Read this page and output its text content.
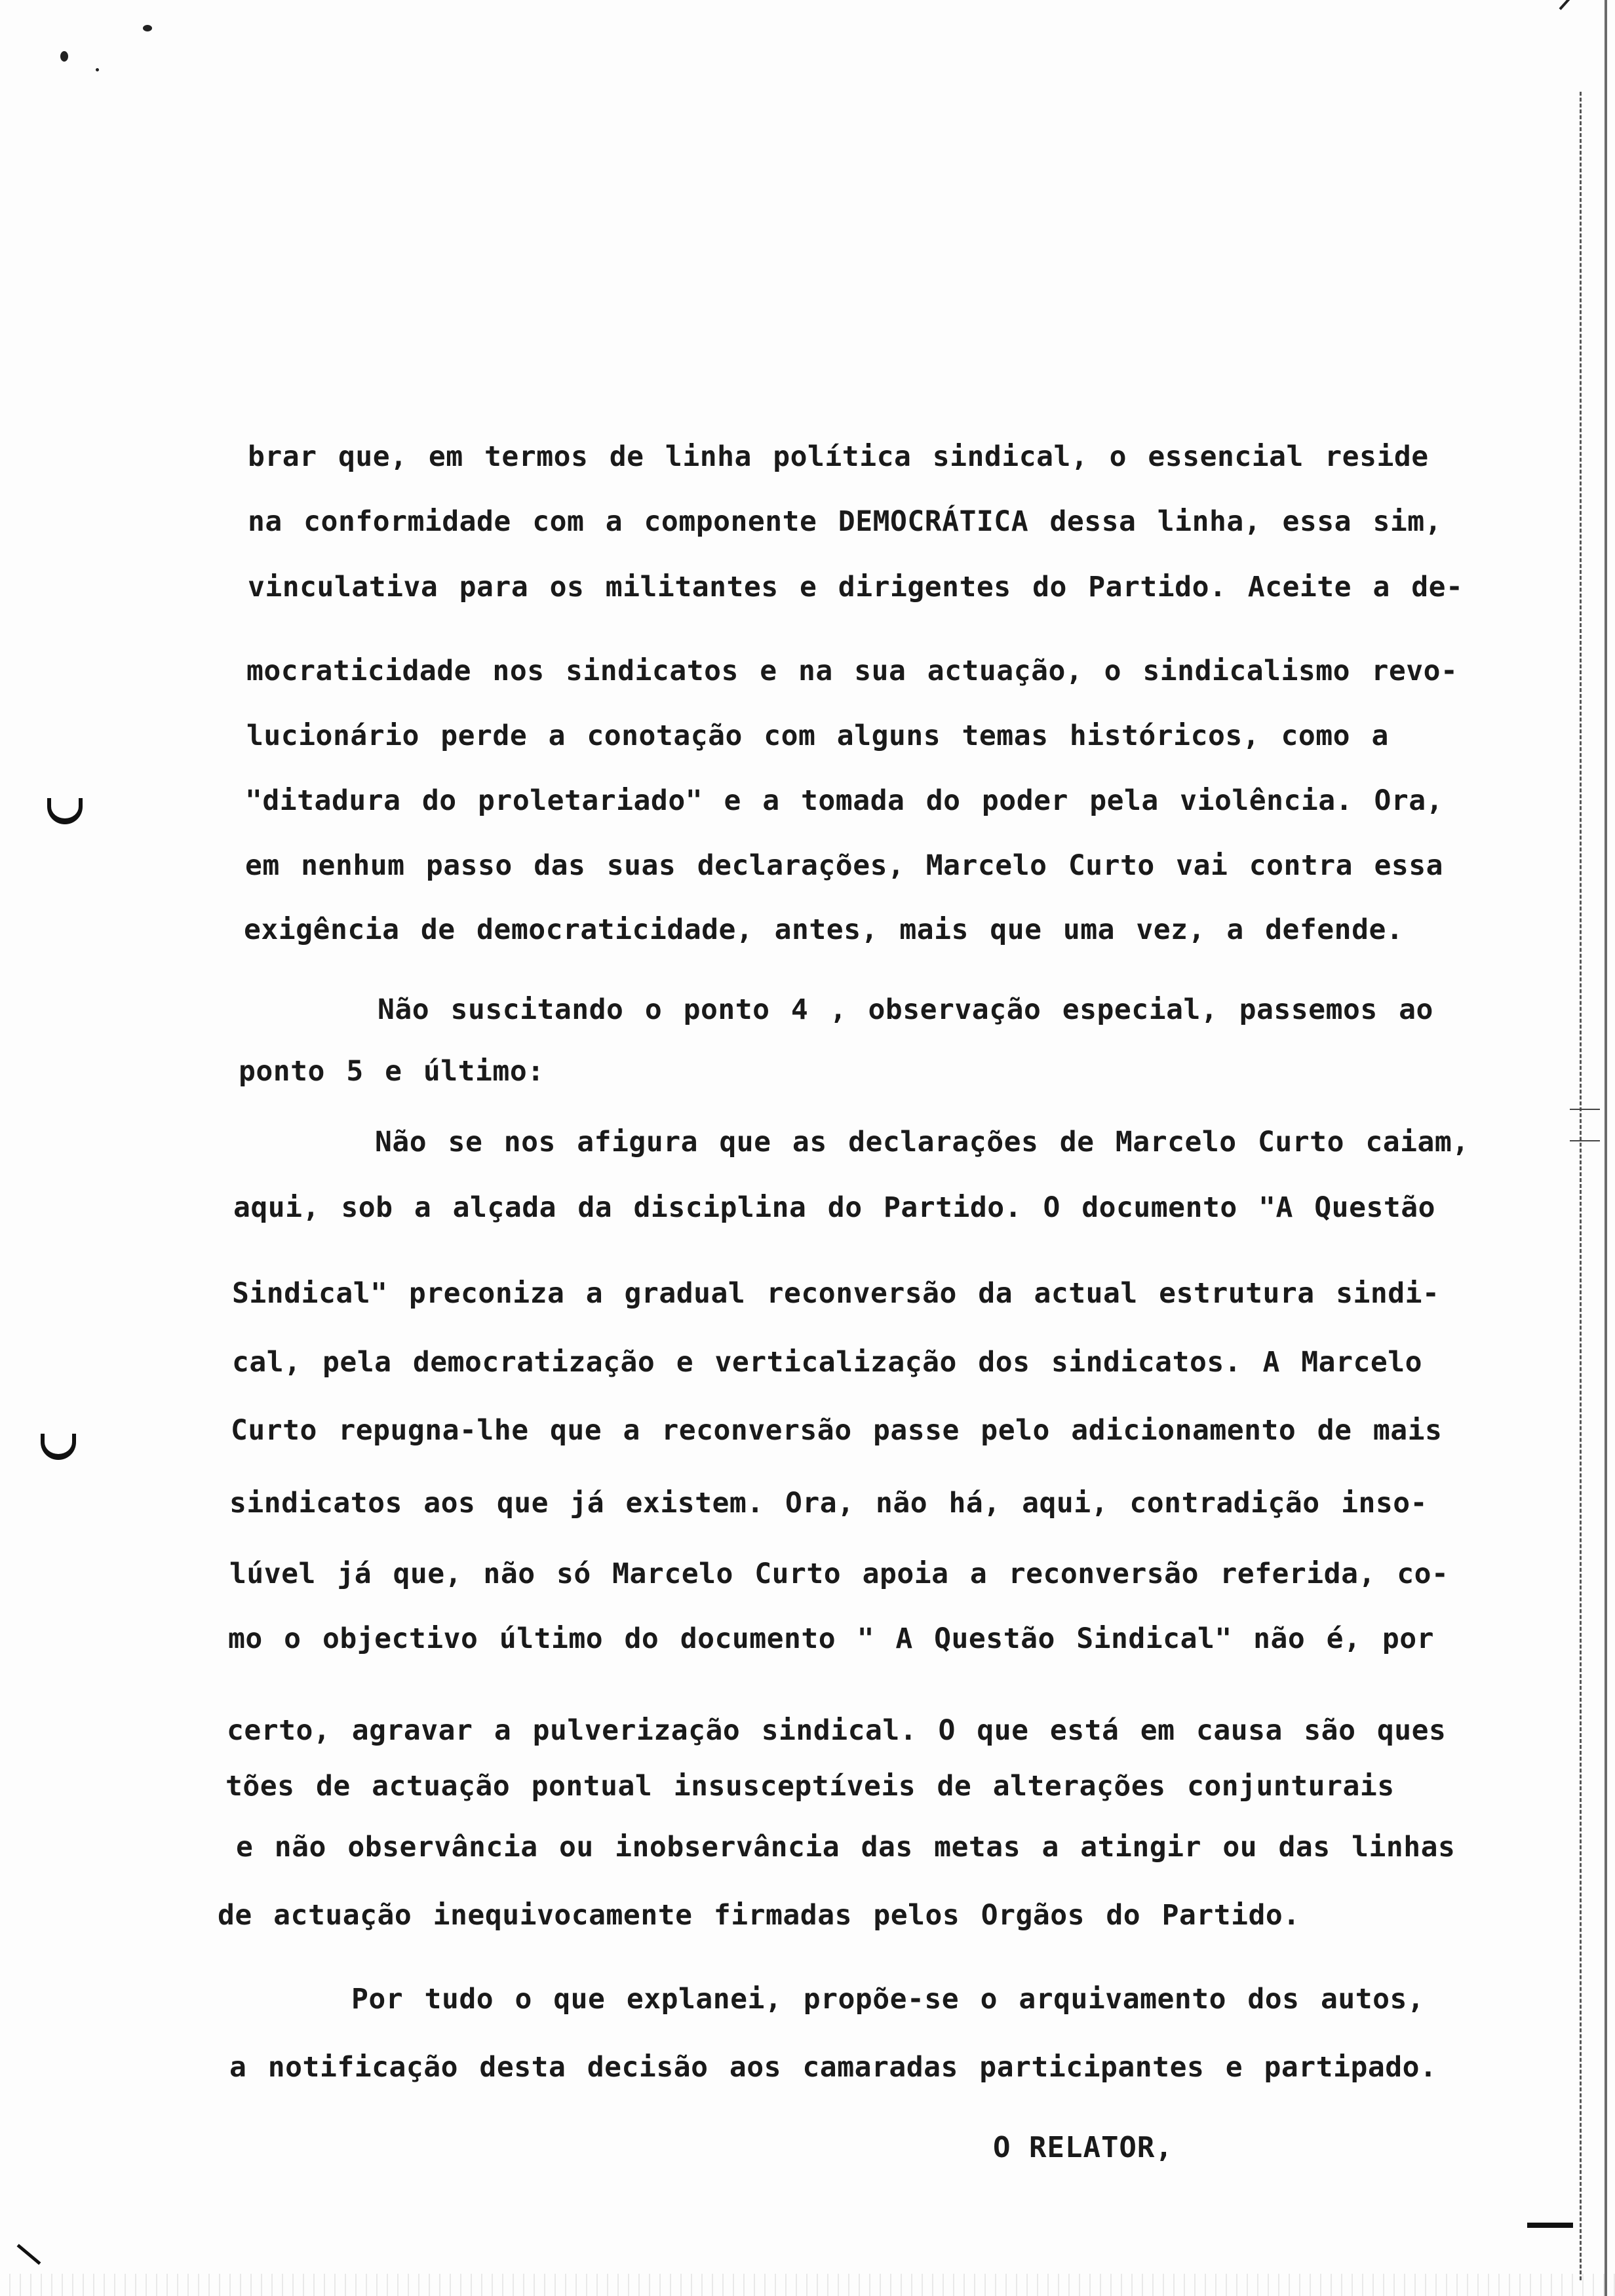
brar que, em termos de linha política sindical, o essencial reside
na conformidade com a componente DEMOCRÁTICA dessa linha, essa sim,
vinculativa para os militantes e dirigentes do Partido. Aceite a de-
mocraticidade nos sindicatos e na sua actuação, o sindicalismo revo-
lucionário perde a conotação com alguns temas históricos, como a
"ditadura do proletariado" e a tomada do poder pela violência. Ora,
em nenhum passo das suas declarações, Marcelo Curto vai contra essa
exigência de democraticidade, antes, mais que uma vez, a defende.
Não suscitando o ponto 4 , observação especial, passemos ao
ponto 5 e último:
Não se nos afigura que as declarações de Marcelo Curto caiam,
aqui, sob a alçada da disciplina do Partido. O documento "A Questão
Sindical" preconiza a gradual reconversão da actual estrutura sindi-
cal, pela democratização e verticalização dos sindicatos. A Marcelo
Curto repugna-lhe que a reconversão passe pelo adicionamento de mais
sindicatos aos que já existem. Ora, não há, aqui, contradição inso-
lúvel já que, não só Marcelo Curto apoia a reconversão referida, co-
mo o objectivo último do documento " A Questão Sindical" não é, por
certo, agravar a pulverização sindical. O que está em causa são ques
tões de actuação pontual insusceptíveis de alterações conjunturais
e não observância ou inobservância das metas a atingir ou das linhas
de actuação inequivocamente firmadas pelos Orgãos do Partido.
Por tudo o que explanei, propõe-se o arquivamento dos autos,
a notificação desta decisão aos camaradas participantes e partipado.
O RELATOR,
